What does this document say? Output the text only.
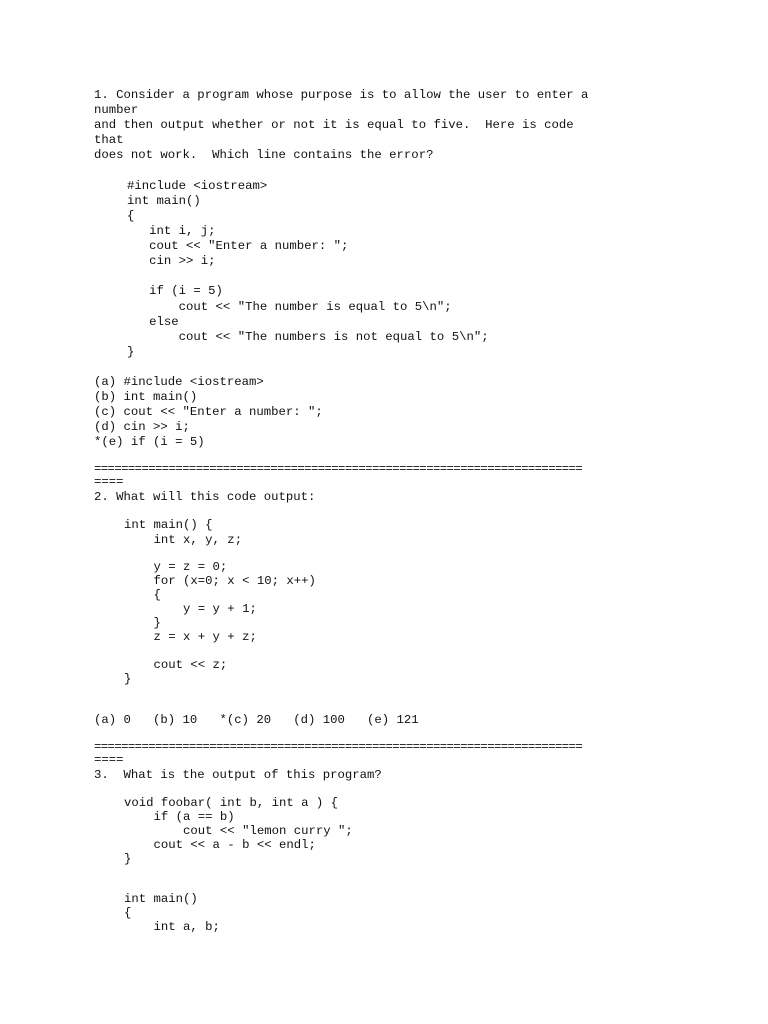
1. Consider a program whose purpose is to allow the user to enter a
number
and then output whether or not it is equal to five.  Here is code
that
does not work.  Which line contains the error?
#include <iostream>
int main()
{
int i, j;
cout << "Enter a number: ";
cin >> i;
if (i = 5)
cout << "The number is equal to 5\n";
else
cout << "The numbers is not equal to 5\n";
}
(a) #include <iostream>
(b) int main()
(c) cout << "Enter a number: ";
(d) cin >> i;
*(e) if (i = 5)
========================================================================
====
2. What will this code output:
int main() {
int x, y, z;
y = z = 0;
for (x=0; x < 10; x++)
{
y = y + 1;
}
z = x + y + z;
cout << z;
}
(a) 0   (b) 10   *(c) 20   (d) 100   (e) 121
========================================================================
====
3.  What is the output of this program?
void foobar( int b, int a ) {
if (a == b)
cout << "lemon curry ";
cout << a - b << endl;
}
int main()
{
int a, b;
